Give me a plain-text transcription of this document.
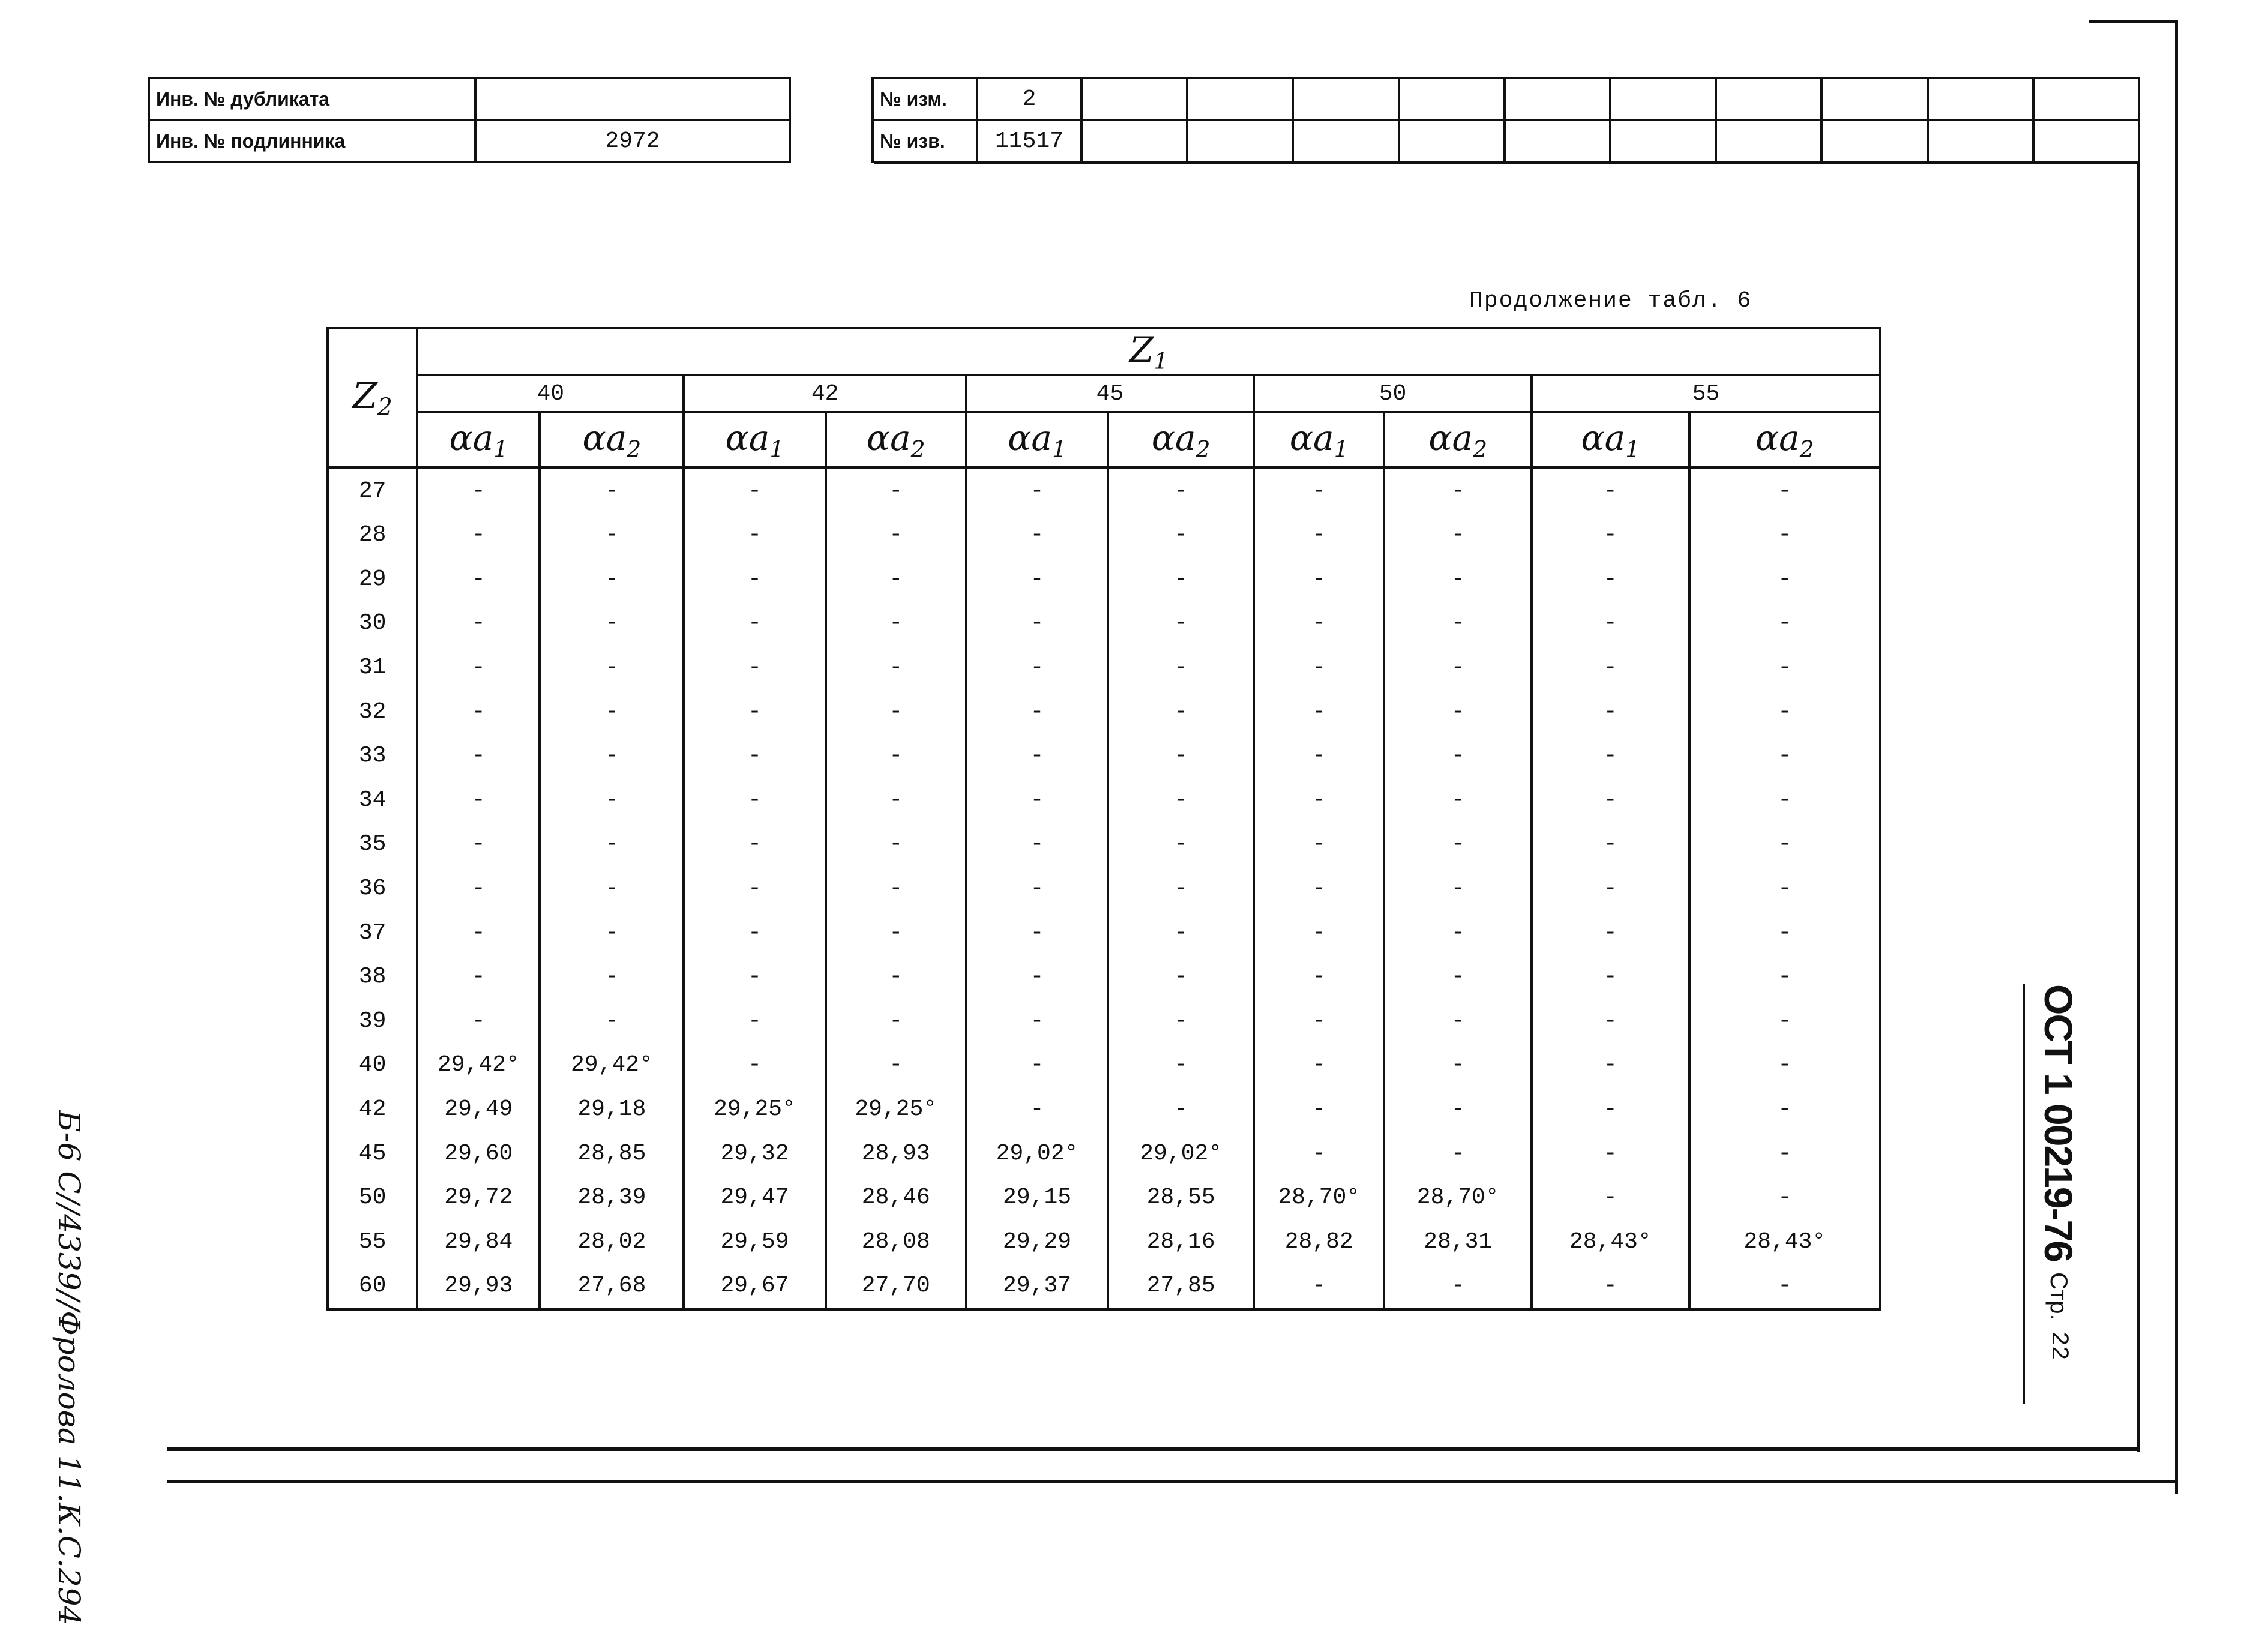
Инв. № дубликата	
Инв. № подлинника	2972
№ изм.	2										
№ изв.	11517										
Продолжение табл. 6
$Z_2$	$Z_1$
	40		42		45		50		55	
	$\alpha a_1$	$\alpha a_2$	$\alpha a_1$	$\alpha a_2$	$\alpha a_1$	$\alpha a_2$	$\alpha a_1$	$\alpha a_2$	$\alpha a_1$	$\alpha a_2$
27	-	-	-	-	-	-	-	-	-	-
28	-	-	-	-	-	-	-	-	-	-
29	-	-	-	-	-	-	-	-	-	-
30	-	-	-	-	-	-	-	-	-	-
31	-	-	-	-	-	-	-	-	-	-
32	-	-	-	-	-	-	-	-	-	-
33	-	-	-	-	-	-	-	-	-	-
34	-	-	-	-	-	-	-	-	-	-
35	-	-	-	-	-	-	-	-	-	-
36	-	-	-	-	-	-	-	-	-	-
37	-	-	-	-	-	-	-	-	-	-
38	-	-	-	-	-	-	-	-	-	-
39	-	-	-	-	-	-	-	-	-	-
40	29,42°	29,42°	-	-	-	-	-	-	-	-
42	29,49	29,18	29,25°	29,25°	-	-	-	-	-	-
45	29,60	28,85	29,32	28,93	29,02°	29,02°	-	-	-	-
50	29,72	28,39	29,47	28,46	29,15	28,55	28,70°	28,70°	-	-
55	29,84	28,02	29,59	28,08	29,29	28,16	28,82	28,31	28,43°	28,43°
60	29,93	27,68	29,67	27,70	29,37	27,85	-	-	-	-
ОСТ 1 00219-76
Стр.
22
Б-6 С//4339//Фролова 11.К.С.294
